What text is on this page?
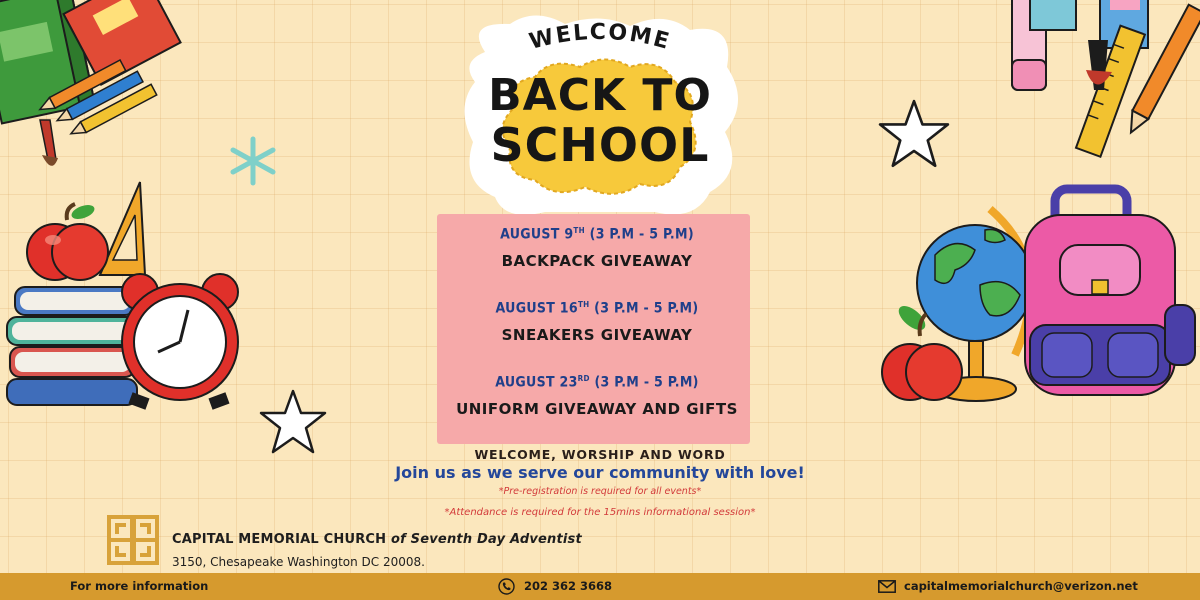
WELCOME
BACK TO
SCHOOL
AUGUST 9TH (3 P.M - 5 P.M)
BACKPACK GIVEAWAY
AUGUST 16TH (3 P.M - 5 P.M)
SNEAKERS GIVEAWAY
AUGUST 23RD (3 P.M - 5 P.M)
UNIFORM GIVEAWAY AND GIFTS
WELCOME, WORSHIP AND WORD
Join us as we serve our community with love!
*Pre-registration is required for all events*
*Attendance is required for the 15mins informational session*
CAPITAL MEMORIAL CHURCH of Seventh Day Adventist
3150, Chesapeake Washington DC 20008.
For more information	202 362 3668	capitalmemorialchurch@verizon.net
